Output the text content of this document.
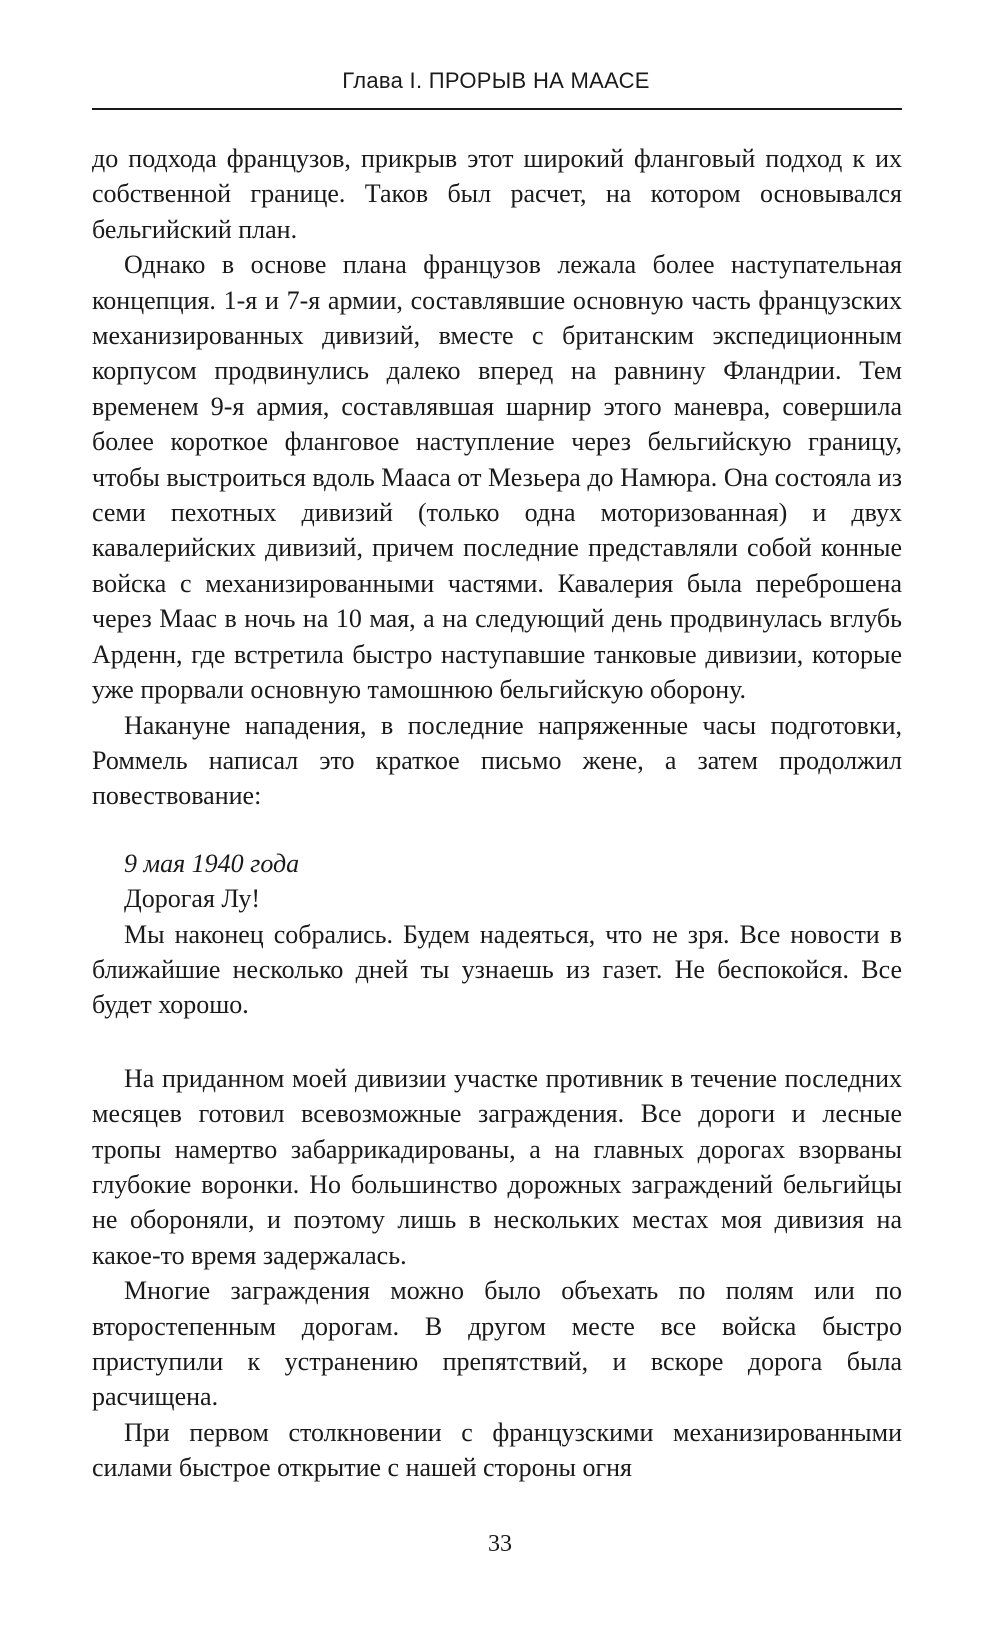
Глава I. ПРОРЫВ НА МААСЕ

до подхода французов, прикрыв этот широкий фланговый подход к их собственной границе. Таков был расчет, на котором основывался бельгийский план.

Однако в основе плана французов лежала более наступательная концепция. 1-я и 7-я армии, составлявшие основную часть французских механизированных дивизий, вместе с британским экспедиционным корпусом продвинулись далеко вперед на равнину Фландрии. Тем временем 9-я армия, составлявшая шарнир этого маневра, совершила более короткое фланговое наступление через бельгийскую границу, чтобы выстроиться вдоль Мааса от Мезьера до Намюра. Она состояла из семи пехотных дивизий (только одна моторизованная) и двух кавалерийских дивизий, причем последние представляли собой конные войска с механизированными частями. Кавалерия была переброшена через Маас в ночь на 10 мая, а на следующий день продвинулась вглубь Арденн, где встретила быстро наступавшие танковые дивизии, которые уже прорвали основную тамошнюю бельгийскую оборону.

Накануне нападения, в последние напряженные часы подготовки, Роммель написал это краткое письмо жене, а затем продолжил повествование:

9 мая 1940 года

Дорогая Лу!

Мы наконец собрались. Будем надеяться, что не зря. Все новости в ближайшие несколько дней ты узнаешь из газет. Не беспокойся. Все будет хорошо.

На приданном моей дивизии участке противник в течение последних месяцев готовил всевозможные заграждения. Все дороги и лесные тропы намертво забаррикадированы, а на главных дорогах взорваны глубокие воронки. Но большинство дорожных заграждений бельгийцы не обороняли, и поэтому лишь в нескольких местах моя дивизия на какое-то время задержалась.

Многие заграждения можно было объехать по полям или по второстепенным дорогам. В другом месте все войска быстро приступили к устранению препятствий, и вскоре дорога была расчищена.

При первом столкновении с французскими механизированными силами быстрое открытие с нашей стороны огня

33
